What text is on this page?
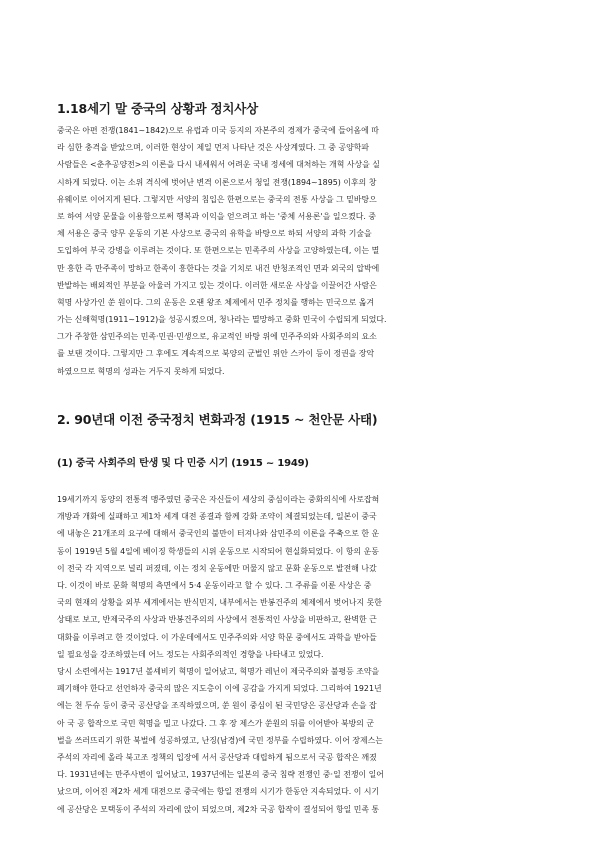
1.18세기 말 중국의 상황과 정치사상
중국은 아편 전쟁(1841~1842)으로 유럽과 미국 등지의 자본주의 경제가 중국에 들어옴에 따
라 심한 충격을 받았으며, 이러한 현상이 제일 먼저 나타난 것은 사상계였다. 그 중 공양학파
사람들은 <춘추공양전>의 이론을 다시 내세워서 어려운 국내 정세에 대처하는 개혁 사상을 실
시하게 되었다. 이는 소위 격식에 벗어난 변격 이론으로서 청일 전쟁(1894~1895) 이후의 창
유웨이로 이어지게 된다. 그렇지만 서양의 침입은 한편으로는 중국의 전통 사상을 그 밑바탕으
로 하여 서양 문물을 이용함으로써 행복과 이익을 얻으려고 하는 '중체 서용론'을 일으켰다. 중
체 서용은 중국 양무 운동의 기본 사상으로 중국의 유학을 바탕으로 하되 서양의 과학 기술을
도입하여 부국 강병을 이루려는 것이다. 또 한편으로는 민족주의 사상을 고양하였는데, 이는 멸
만 흥한 즉 만주족이 망하고 한족이 흥한다는 것을 기치로 내건 반청조적인 면과 외국의 압박에
반발하는 배외적인 부분을 아울러 가지고 있는 것이다. 이러한 새로운 사상을 이끌어간 사람은
혁명 사상가인 쑨 원이다. 그의 운동은 오랜 왕조 체제에서 민주 정치를 행하는 민국으로 옮겨
가는 신해혁명(1911~1912)을 성공시켰으며, 청나라는 멸망하고 중화 민국이 수립되게 되었다.
그가 주창한 삼민주의는 민족·민권·민생으로, 유교적인 바탕 위에 민주주의와 사회주의의 요소
를 보탠 것이다. 그렇지만 그 후에도 계속적으로 북양의 군벌인 위안 스카이 등이 정권을 장악
하였으므로 혁명의 성과는 거두지 못하게 되었다.
2. 90년대 이전 중국정치 변화과정 (1915 ~ 천안문 사태)
(1) 중국 사회주의 탄생 및 다 민중 시기 (1915 ~ 1949)
19세기까지 동양의 전통적 맹주였던 중국은 자신들이 세상의 중심이라는 중화의식에 사로잡혀
개방과 개화에 실패하고 제1차 세계 대전 종결과 함께 강화 조약이 체결되었는데, 일본이 중국
에 내놓은 21개조의 요구에 대해서 중국인의 불만이 터져나와 삼민주의 이론을 주축으로 한 운
동이 1919년 5월 4일에 베이징 학생들의 시위 운동으로 시작되어 현실화되었다. 이 항의 운동
이 전국 각 지역으로 널리 퍼졌데, 이는 정치 운동에만 머물지 않고 문화 운동으로 발전해 나갔
다. 이것이 바로 문화 혁명의 측면에서 5·4 운동이라고 할 수 있다. 그 주류를 이룬 사상은 중
국의 현재의 상황을 외부 세계에서는 반식민지, 내부에서는 반봉건주의 체제에서 벗어나지 못한
상태로 보고, 반제국주의 사상과 반봉건주의의 사상에서 전통적인 사상을 비판하고, 완벽한 근
대화를 이루려고 한 것이었다. 이 가운데에서도 민주주의와 서양 학문 중에서도 과학을 받아들
일 필요성을 강조하였는데 어느 정도는 사회주의적인 경향을 나타내고 있었다.
당시 소련에서는 1917년 볼셰비키 혁명이 일어났고, 혁명가 레닌이 제국주의와 불평등 조약을
폐기해야 한다고 선언하자 중국의 많은 지도층이 이에 공감을 가지게 되었다. 그리하여 1921년
에는 천 두슈 등이 중국 공산당을 조직하였으며, 쑨 원이 중심이 된 국민당은 공산당과 손을 잡
아 국 공 합작으로 국민 혁명을 밀고 나갔다. 그 후 장 제스가 쑨원의 뒤를 이어받아 북방의 군
벌을 쓰러뜨리기 위한 북벌에 성공하였고, 난징(남경)에 국민 정부를 수립하였다. 이어 장제스는
주석의 자리에 올라 북고조 정책의 입장에 서서 공산당과 대립하게 됨으로서 국공 합작은 깨졌
다. 1931년에는 만주사변이 일어났고, 1937년에는 일본의 중국 침략 전쟁인 중·일 전쟁이 일어
났으며, 이어진 제2차 세계 대전으로 중국에는 항일 전쟁의 시기가 한동안 지속되었다. 이 시기
에 공산당은 모택동이 주석의 자리에 앉이 되었으며, 제2차 국공 합작이 결성되어 항일 민족 통
